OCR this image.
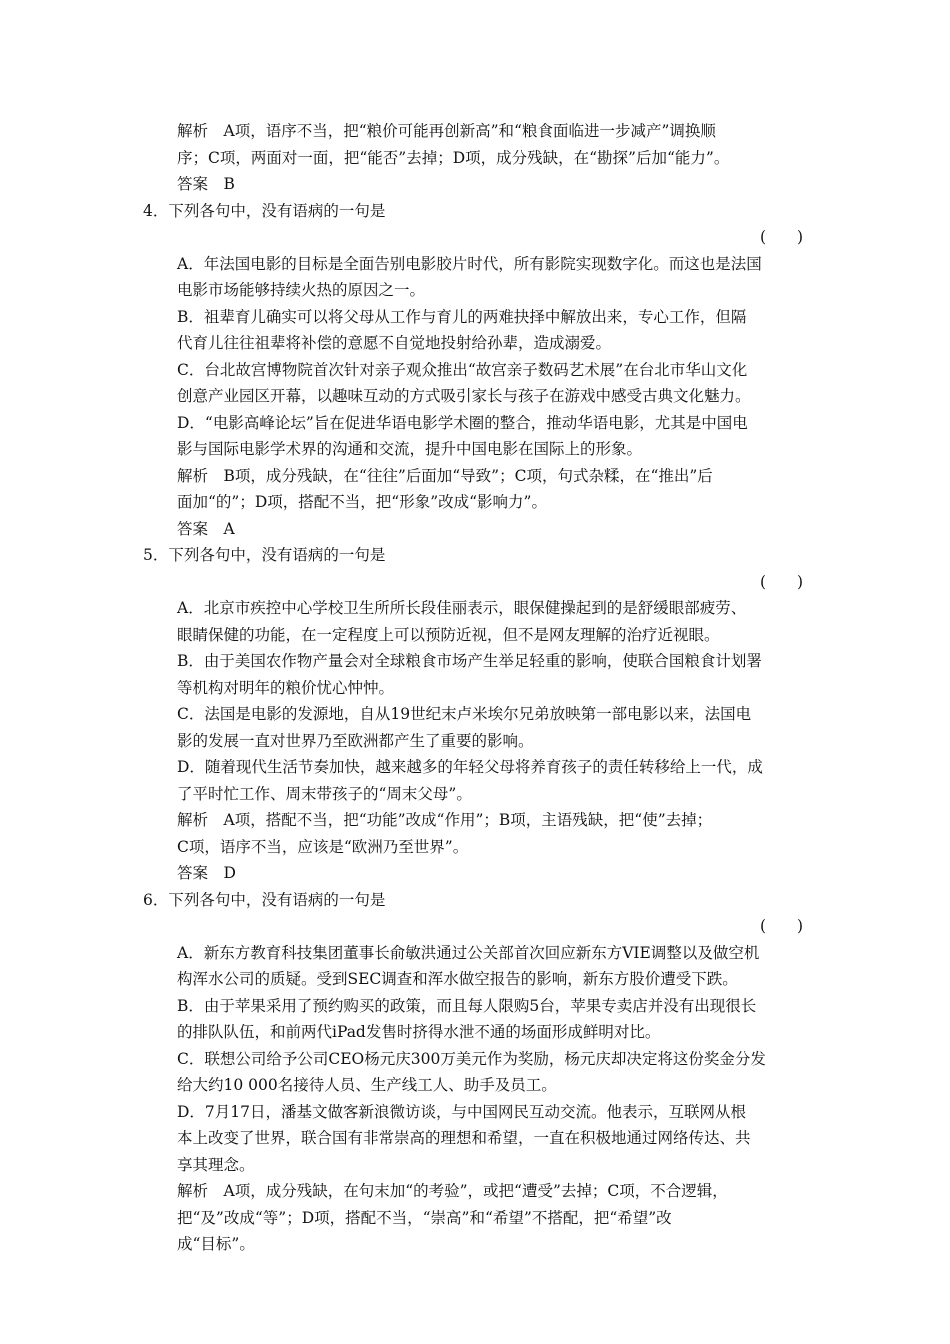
解析　A项，语序不当，把“粮价可能再创新高”和“粮食面临进一步减产”调换顺
序；C项，两面对一面，把“能否”去掉；D项，成分残缺，在“勘探”后加“能力”。
答案　B
4．下列各句中，没有语病的一句是
(　　)
A．年法国电影的目标是全面告别电影胶片时代，所有影院实现数字化。而这也是法国
电影市场能够持续火热的原因之一。
B．祖辈育儿确实可以将父母从工作与育儿的两难抉择中解放出来，专心工作，但隔
代育儿往往祖辈将补偿的意愿不自觉地投射给孙辈，造成溺爱。
C．台北故宫博物院首次针对亲子观众推出“故宫亲子数码艺术展”在台北市华山文化
创意产业园区开幕，以趣味互动的方式吸引家长与孩子在游戏中感受古典文化魅力。
D．“电影高峰论坛”旨在促进华语电影学术圈的整合，推动华语电影，尤其是中国电
影与国际电影学术界的沟通和交流，提升中国电影在国际上的形象。
解析　B项，成分残缺，在“往往”后面加“导致”；C项，句式杂糅，在“推出”后
面加“的”；D项，搭配不当，把“形象”改成“影响力”。
答案　A
5．下列各句中，没有语病的一句是
(　　)
A．北京市疾控中心学校卫生所所长段佳丽表示，眼保健操起到的是舒缓眼部疲劳、
眼睛保健的功能，在一定程度上可以预防近视，但不是网友理解的治疗近视眼。
B．由于美国农作物产量会对全球粮食市场产生举足轻重的影响，使联合国粮食计划署
等机构对明年的粮价忧心忡忡。
C．法国是电影的发源地，自从19世纪末卢米埃尔兄弟放映第一部电影以来，法国电
影的发展一直对世界乃至欧洲都产生了重要的影响。
D．随着现代生活节奏加快，越来越多的年轻父母将养育孩子的责任转移给上一代，成
了平时忙工作、周末带孩子的“周末父母”。
解析　A项，搭配不当，把“功能”改成“作用”；B项，主语残缺，把“使”去掉；
C项，语序不当，应该是“欧洲乃至世界”。
答案　D
6．下列各句中，没有语病的一句是
(　　)
A．新东方教育科技集团董事长俞敏洪通过公关部首次回应新东方VIE调整以及做空机
构浑水公司的质疑。受到SEC调查和浑水做空报告的影响，新东方股价遭受下跌。
B．由于苹果采用了预约购买的政策，而且每人限购5台，苹果专卖店并没有出现很长
的排队队伍，和前两代iPad发售时挤得水泄不通的场面形成鲜明对比。
C．联想公司给予公司CEO杨元庆300万美元作为奖励，杨元庆却决定将这份奖金分发
给大约10 000名接待人员、生产线工人、助手及员工。
D．7月17日，潘基文做客新浪微访谈，与中国网民互动交流。他表示，互联网从根
本上改变了世界，联合国有非常崇高的理想和希望，一直在积极地通过网络传达、共
享其理念。
解析　A项，成分残缺，在句末加“的考验”，或把“遭受”去掉；C项，不合逻辑，
把“及”改成“等”；D项，搭配不当，“崇高”和“希望”不搭配，把“希望”改
成“目标”。
